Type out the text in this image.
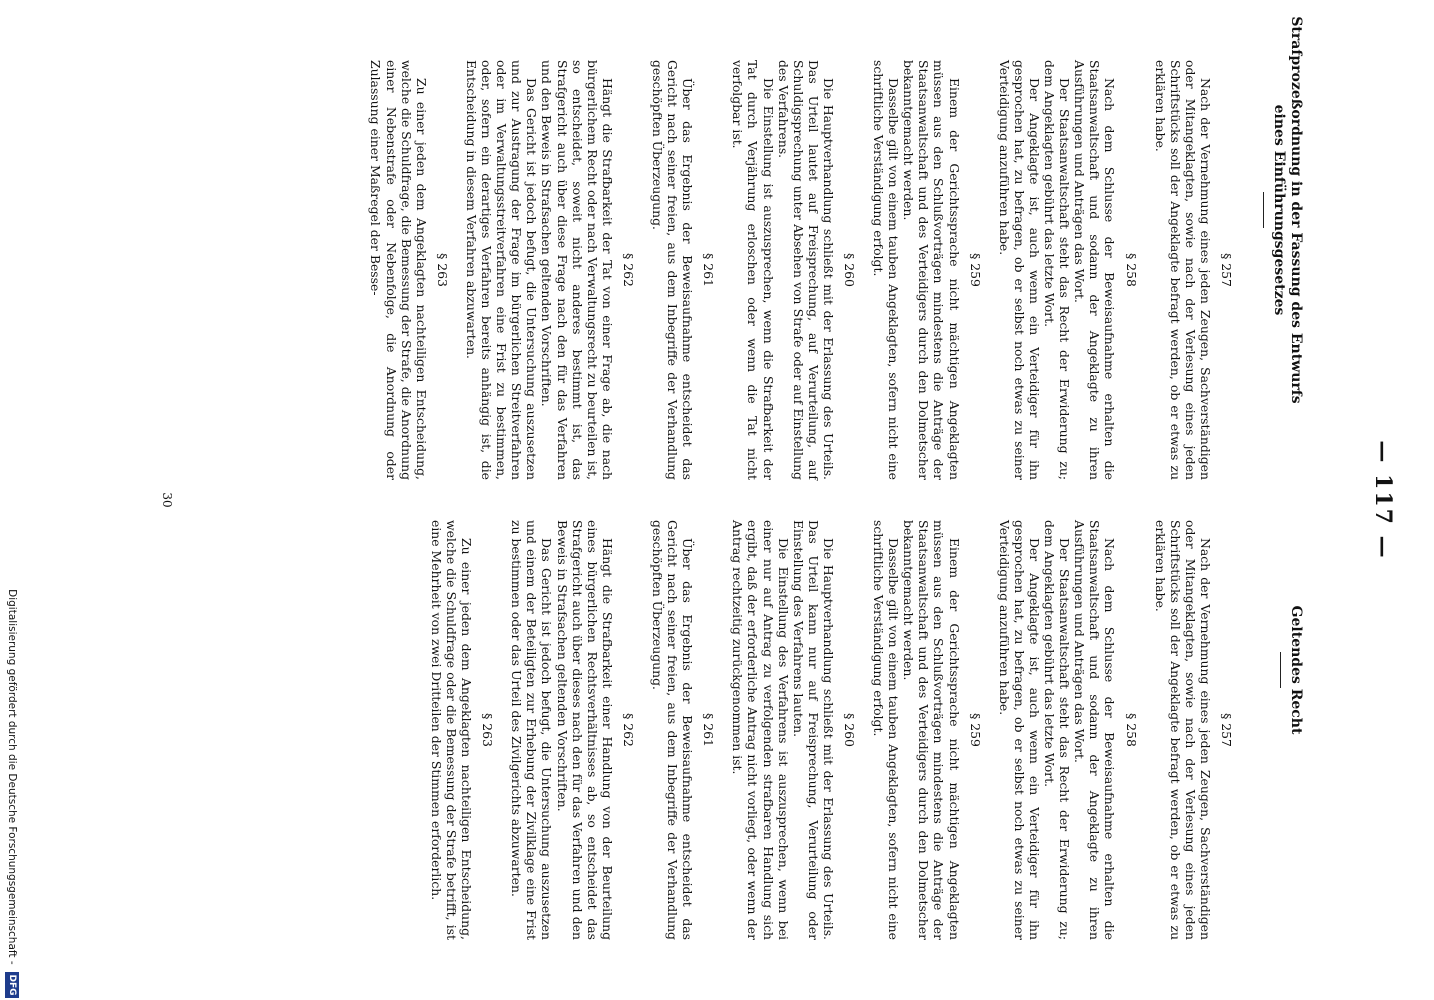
— 117 —
Strafprozeßordnung in der Fassung des Entwurfs eines Einführungsgesetzes
Geltendes Recht
§ 257

Nach der Vernehmung eines jeden Zeugen, Sachverständigen oder Mitangeklagten, sowie nach der Verlesung eines jeden Schriftstücks soll der Angeklagte befragt werden, ob er etwas zu erklären habe.

§ 258

Nach dem Schlusse der Beweisaufnahme erhalten die Staatsanwaltschaft und sodann der Angeklagte zu ihren Ausführungen und Anträgen das Wort.

Der Staatsanwaltschaft steht das Recht der Erwiderung zu; dem Angeklagten gebührt das letzte Wort.

Der Angeklagte ist, auch wenn ein Verteidiger für ihn gesprochen hat, zu befragen, ob er selbst noch etwas zu seiner Verteidigung anzuführen habe.

§ 259

Einem der Gerichtssprache nicht mächtigen Angeklagten müssen aus den Schlußvorträgen mindestens die Anträge der Staatsanwaltschaft und des Verteidigers durch den Dolmetscher bekanntgemacht werden.

Dasselbe gilt von einem tauben Angeklagten, sofern nicht eine schriftliche Verständigung erfolgt.

§ 260

Die Hauptverhandlung schließt mit der Erlassung des Urteils. Das Urteil lautet auf Freisprechung, auf Verurteilung, auf Schuldigsprechung unter Absehen von Strafe oder auf Einstellung des Verfahrens.

Die Einstellung ist auszusprechen, wenn die Strafbarkeit der Tat durch Verjährung erloschen oder wenn die Tat nicht verfolgbar ist.

§ 261

Über das Ergebnis der Beweisaufnahme entscheidet das Gericht nach seiner freien, aus dem Inbegriffe der Verhandlung geschöpften Überzeugung.

§ 262

Hängt die Strafbarkeit der Tat von einer Frage ab, die nach bürgerlichem Recht oder nach Verwaltungsrecht zu beurteilen ist, so entscheidet, soweit nicht anderes bestimmt ist, das Strafgericht auch über diese Frage nach den für das Verfahren und den Beweis in Strafsachen geltenden Vorschriften.

Das Gericht ist jedoch befugt, die Untersuchung auszusetzen und zur Austragung der Frage im bürgerlichen Streitverfahren oder im Verwaltungsstreitverfahren eine Frist zu bestimmen, oder, sofern ein derartiges Verfahren bereits anhängig ist, die Entscheidung in diesem Verfahren abzuwarten.

§ 263

Zu einer jeden dem Angeklagten nachteiligen Entscheidung, welche die Schuldfrage, die Bemessung der Strafe, die Anordnung einer Nebenstrafe oder Nebenfolge, die Anordnung oder Zulassung einer Maßregel der Besse-

§ 257

Nach der Vernehmung eines jeden Zeugen, Sachverständigen oder Mitangeklagten, sowie nach der Verlesung eines jeden Schriftstücks soll der Angeklagte befragt werden, ob er etwas zu erklären habe.

§ 258

Nach dem Schlusse der Beweisaufnahme erhalten die Staatsanwaltschaft und sodann der Angeklagte zu ihren Ausführungen und Anträgen das Wort.

Der Staatsanwaltschaft steht das Recht der Erwiderung zu; dem Angeklagten gebührt das letzte Wort.

Der Angeklagte ist, auch wenn ein Verteidiger für ihn gesprochen hat, zu befragen, ob er selbst noch etwas zu seiner Verteidigung anzuführen habe.

§ 259

Einem der Gerichtssprache nicht mächtigen Angeklagten müssen aus den Schlußvorträgen mindestens die Anträge der Staatsanwaltschaft und des Verteidigers durch den Dolmetscher bekanntgemacht werden.

Dasselbe gilt von einem tauben Angeklagten, sofern nicht eine schriftliche Verständigung erfolgt.

§ 260

Die Hauptverhandlung schließt mit der Erlassung des Urteils. Das Urteil kann nur auf Freisprechung, Verurteilung oder Einstellung des Verfahrens lauten.

Die Einstellung des Verfahrens ist auszusprechen, wenn bei einer nur auf Antrag zu verfolgenden strafbaren Handlung sich ergibt, daß der erforderliche Antrag nicht vorliegt, oder wenn der Antrag rechtzeitig zurückgenommen ist.

§ 261

Über das Ergebnis der Beweisaufnahme entscheidet das Gericht nach seiner freien, aus dem Inbegriffe der Verhandlung geschöpften Überzeugung.

§ 262

Hängt die Strafbarkeit einer Handlung von der Beurteilung eines bürgerlichen Rechtsverhältnisses ab, so entscheidet das Strafgericht auch über dieses nach den für das Verfahren und den Beweis in Strafsachen geltenden Vorschriften.

Das Gericht ist jedoch befugt, die Untersuchung auszusetzen und einem der Beteiligten zur Erhebung der Zivilklage eine Frist zu bestimmen oder das Urteil des Zivilgerichts abzuwarten.

§ 263

Zu einer jeden dem Angeklagten nachteiligen Entscheidung, welche die Schuldfrage oder die Bemessung der Strafe betrifft, ist eine Mehrheit von zwei Dritteilen der Stimmen erforderlich.

30
Digitalisierung gefördert durch die Deutsche Forschungsgemeinschaft - DFG
